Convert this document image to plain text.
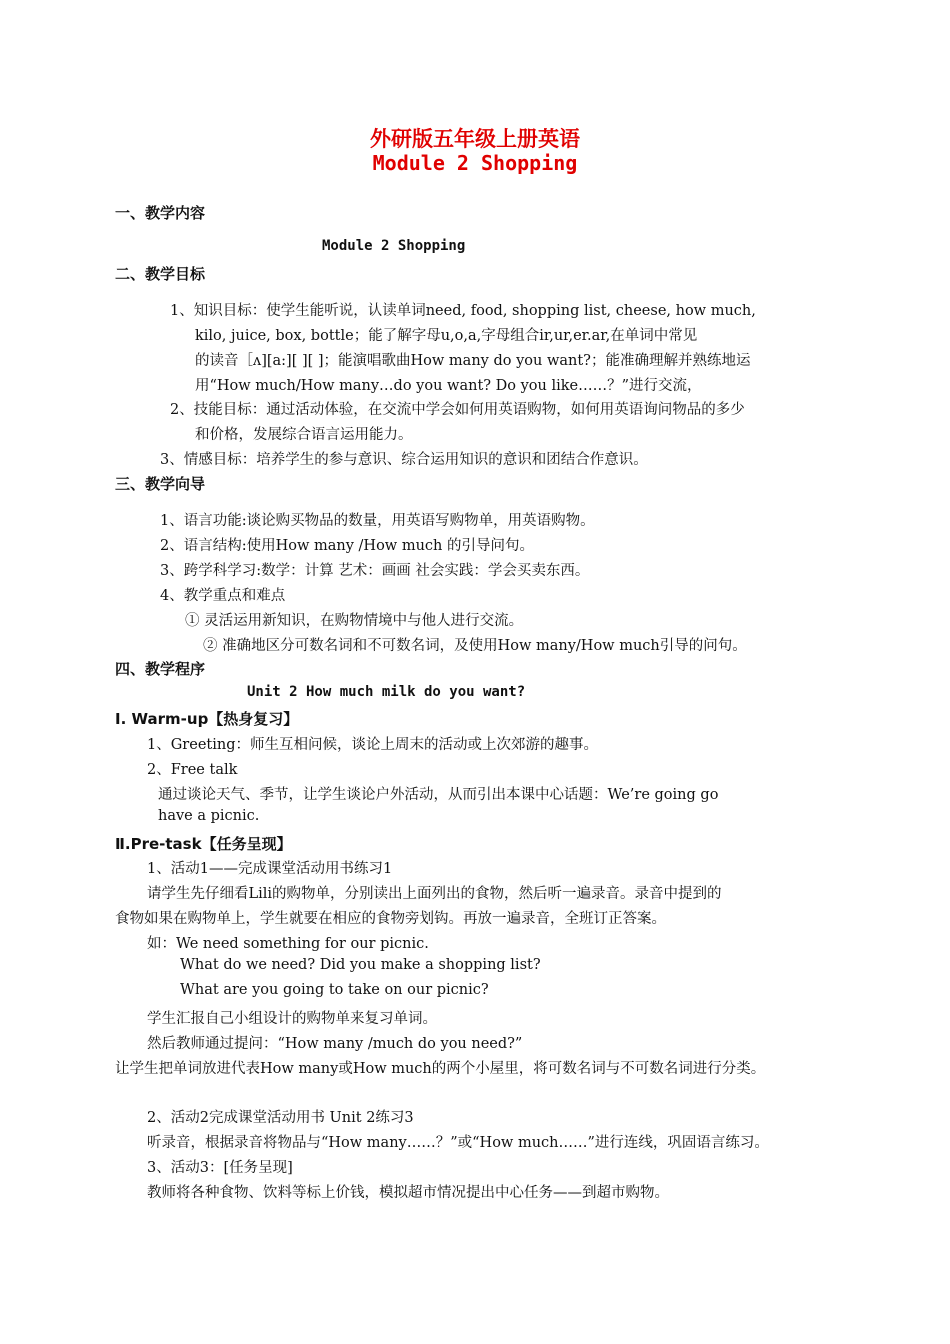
外研版五年级上册英语
Module 2 Shopping
一、教学内容
Module 2 Shopping
二、教学目标
1、知识目标：使学生能听说，认读单词need, food, shopping list, cheese, how much,
kilo, juice, box, bottle；能了解字母u,o,a,字母组合ir,ur,er.ar,在单词中常见
的读音［ʌ][a:][ ][ ]；能演唱歌曲How many do you want?；能准确理解并熟练地运
用“How much/How many…do you want? Do you like……？”进行交流，
2、技能目标：通过活动体验，在交流中学会如何用英语购物，如何用英语询问物品的多少
和价格，发展综合语言运用能力。
3、情感目标：培养学生的参与意识、综合运用知识的意识和团结合作意识。
三、教学向导
1、语言功能:谈论购买物品的数量，用英语写购物单，用英语购物。
2、语言结构:使用How many /How much 的引导问句。
3、跨学科学习:数学：计算 艺术：画画 社会实践：学会买卖东西。
4、教学重点和难点
① 灵活运用新知识，在购物情境中与他人进行交流。
② 准确地区分可数名词和不可数名词，及使用How many/How much引导的问句。
四、教学程序
Unit 2 How much milk do you want?
Ⅰ. Warm-up【热身复习】
1、Greeting：师生互相问候，谈论上周末的活动或上次郊游的趣事。
2、Free talk
通过谈论天气、季节，让学生谈论户外活动，从而引出本课中心话题：We’re going go
have a picnic.
Ⅱ.Pre-task【任务呈现】
1、活动1——完成课堂活动用书练习1
请学生先仔细看Lili的购物单，分别读出上面列出的食物，然后听一遍录音。录音中提到的
食物如果在购物单上，学生就要在相应的食物旁划钩。再放一遍录音，全班订正答案。
如：We need something for our picnic.
What do we need? Did you make a shopping list?
What are you going to take on our picnic?
学生汇报自己小组设计的购物单来复习单词。
然后教师通过提问：“How many /much do you need?”
让学生把单词放进代表How many或How much的两个小屋里，将可数名词与不可数名词进行分类。
2、活动2完成课堂活动用书 Unit 2练习3
听录音，根据录音将物品与“How many……？”或“How much……”进行连线，巩固语言练习。
3、活动3：[任务呈现]
教师将各种食物、饮料等标上价钱，模拟超市情况提出中心任务——到超市购物。
